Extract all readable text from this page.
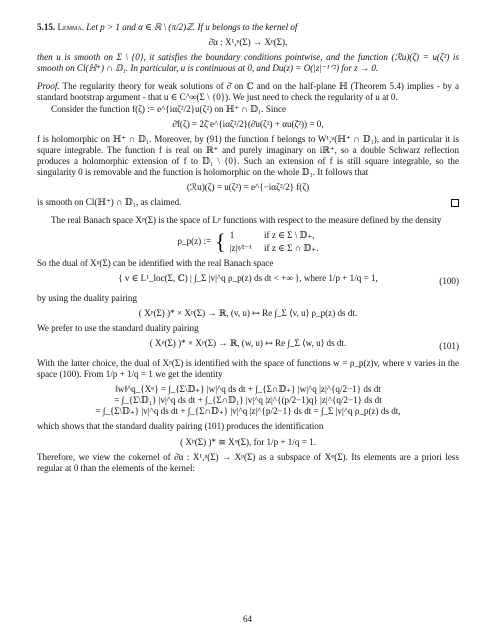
5.15. Lemma. Let p > 1 and α ∈ ℝ \ (π/2)ℤ. If u belongs to the kernel of

∂̄α : X¹,ᵖ(Σ) → Xᵖ(Σ),

then u is smooth on Σ \ {0}, it satisfies the boundary conditions pointwise, and the function (ℛu)(ζ) = u(ζ²) is smooth on Cl(ℍ⁺) ∩ 𝔻₁. In particular, u is continuous at 0, and Du(z) = O(|z|⁻¹ᐟ²) for z → 0.

Proof. The regularity theory for weak solutions of ∂̄ on ℂ and on the half-plane ℍ (Theorem 5.4) implies - by a standard bootstrap argument - that u ∈ C^∞(Σ \ {0}). We just need to check the regularity of u at 0.

Consider the function f(ζ) := e^{iαζ²/2}u(ζ²) on ℍ⁺ ∩ 𝔻₁. Since

∂̄f(ζ) = 2ζ̄ e^{iαζ²/2}(∂̄u(ζ²) + αu(ζ̄²)) = 0,

f is holomorphic on ℍ⁺ ∩ 𝔻₁. Moreover, by (91) the function f belongs to W¹,ᵖ(ℍ⁺ ∩ 𝔻₁), and in particular it is square integrable. The function f is real on ℝ⁺ and purely imaginary on iℝ⁺, so a double Schwarz reflection produces a holomorphic extension of f to 𝔻₁ \ {0}. Such an extension of f is still square integrable, so the singularity 0 is removable and the function is holomorphic on the whole 𝔻₁. It follows that

(ℛu)(ζ) = u(ζ²) = e^{−iαζ²/2} f(ζ)

is smooth on Cl(ℍ⁺) ∩ 𝔻₁, as claimed.

The real Banach space Xᵖ(Σ) is the space of Lᵖ functions with respect to the measure defined by the density

ρ_p(z) := { 1	if z ∈ Σ \ 𝔻₊,
|z|ᵖ⁄²⁻¹ if z ∈ Σ ∩ 𝔻₊.

So the dual of Xᵖ(Σ) can be identified with the real Banach space

{ v ∈ L¹_loc(Σ, ℂ) | ∫_Σ |v|^q ρ_p(z) ds dt < +∞ }, where 1/p + 1/q = 1,	(100)

by using the duality pairing

( Xᵖ(Σ) )* × Xᵖ(Σ) → ℝ, (v, u) ↦ Re ∫_Σ ⟨v, u⟩ ρ_p(z) ds dt.

We prefer to use the standard duality pairing

( Xᵖ(Σ) )* × Xᵖ(Σ) → ℝ, (w, u) ↦ Re ∫_Σ ⟨w, u⟩ ds dt.	(101)

With the latter choice, the dual of Xᵖ(Σ) is identified with the space of functions w = ρ_p(z)v, where v varies in the space (100). From 1/p + 1/q = 1 we get the identity

‖w‖^q_{Xᵠ} = ∫_{Σ\𝔻₊} |w|^q ds dt + ∫_{Σ∩𝔻₊} |w|^q |z|^{q/2−1} ds dt
= ∫_{Σ\𝔻₁} |v|^q ds dt + ∫_{Σ∩𝔻₁} |v|^q |z|^{(p/2−1)q} |z|^{q/2−1} ds dt
= ∫_{Σ\𝔻₊} |v|^q ds dt + ∫_{Σ∩𝔻₊} |v|^q |z|^{p/2−1} ds dt = ∫_Σ |v|^q ρ_p(z) ds dt,

which shows that the standard duality pairing (101) produces the identification

( Xᵖ(Σ) )* ≅ Xᵠ(Σ), for 1/p + 1/q = 1.

Therefore, we view the cokernel of ∂̄α : X¹,ᵖ(Σ) → Xᵖ(Σ) as a subspace of Xᵠ(Σ). Its elements are a priori less regular at 0 than the elements of the kernel:

64
